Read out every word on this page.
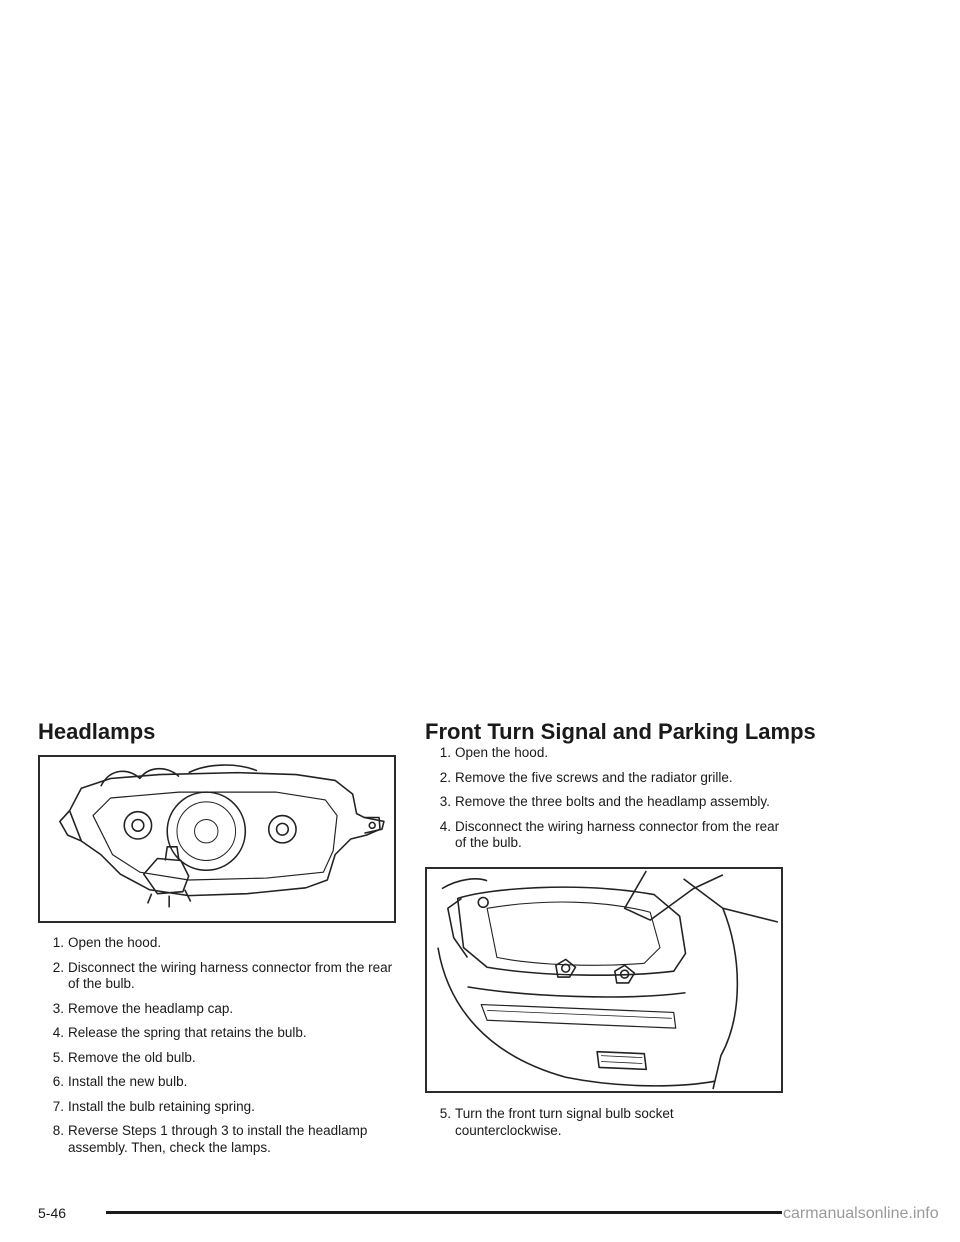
Headlamps
1. Open the hood.
2. Disconnect the wiring harness connector from the rear of the bulb.
3. Remove the headlamp cap.
4. Release the spring that retains the bulb.
5. Remove the old bulb.
6. Install the new bulb.
7. Install the bulb retaining spring.
8. Reverse Steps 1 through 3 to install the headlamp assembly. Then, check the lamps.
Front Turn Signal and Parking Lamps
1. Open the hood.
2. Remove the five screws and the radiator grille.
3. Remove the three bolts and the headlamp assembly.
4. Disconnect the wiring harness connector from the rear of the bulb.
5. Turn the front turn signal bulb socket counterclockwise.
5-46	carmanualsonline.info
